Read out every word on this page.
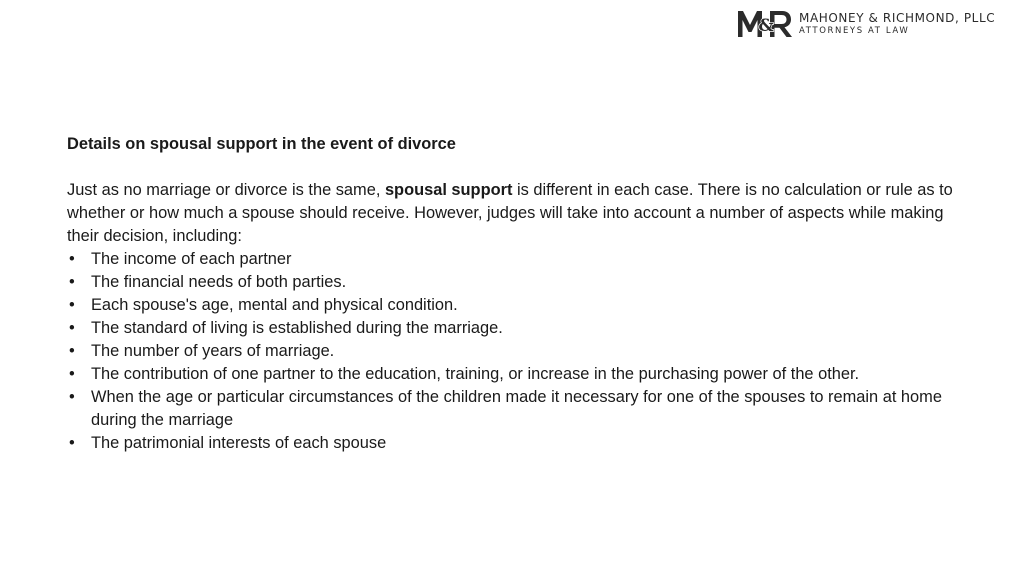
& MAHONEY & RICHMOND, PLLC
ATTORNEYS AT LAW

Details on spousal support in the event of divorce

Just as no marriage or divorce is the same, spousal support is different in each case. There is no calculation or rule as to whether or how much a spouse should receive. However, judges will take into account a number of aspects while making their decision, including:

• The income of each partner
• The financial needs of both parties.
• Each spouse's age, mental and physical condition.
• The standard of living is established during the marriage.
• The number of years of marriage.
• The contribution of one partner to the education, training, or increase in the purchasing power of the other.
• When the age or particular circumstances of the children made it necessary for one of the spouses to remain at home during the marriage
• The patrimonial interests of each spouse
